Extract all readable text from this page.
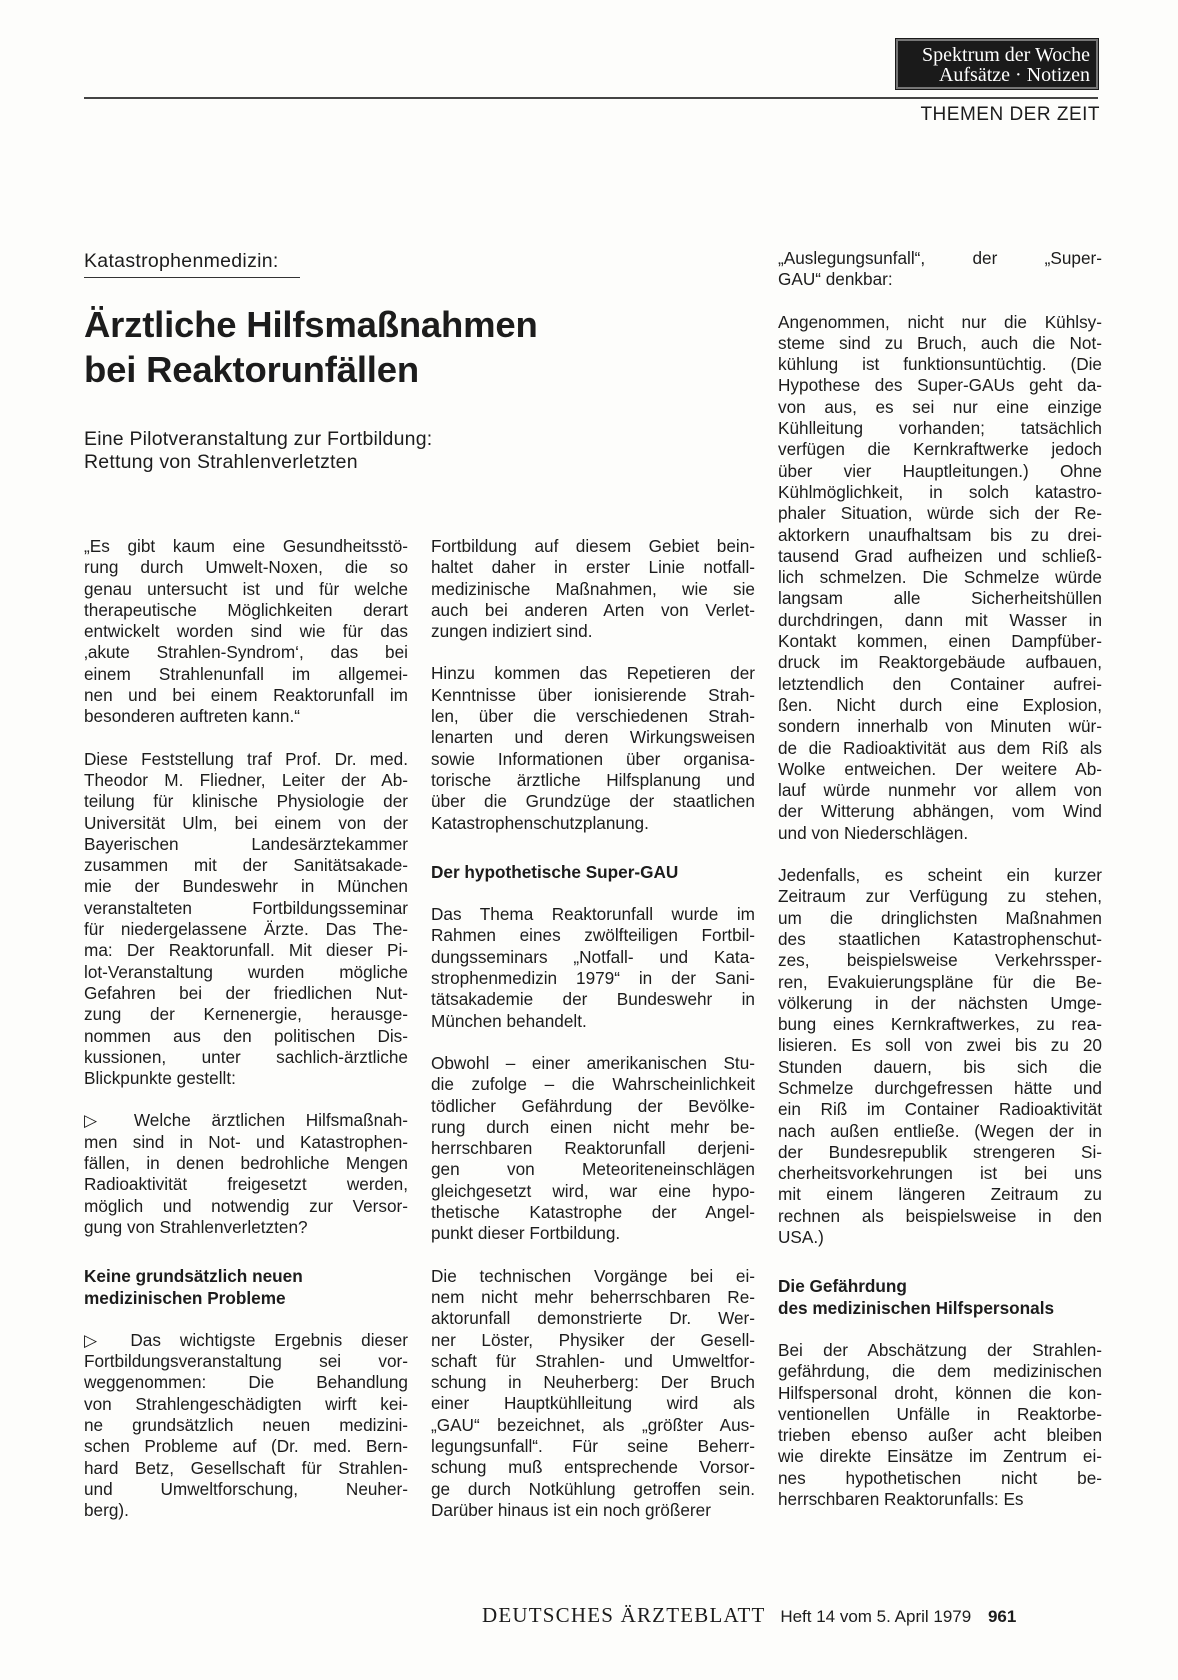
Spektrum der Woche
Aufsätze · Notizen
THEMEN DER ZEIT
Katastrophenmedizin:
Ärztliche Hilfsmaßnahmen
bei Reaktorunfällen
Eine Pilotveranstaltung zur Fortbildung:
Rettung von Strahlenverletzten

„Es gibt kaum eine Gesundheitsstö-
rung durch Umwelt-Noxen, die so
genau untersucht ist und für welche
therapeutische Möglichkeiten derart
entwickelt worden sind wie für das
‚akute Strahlen-Syndrom‘, das bei
einem Strahlenunfall im allgemei-
nen und bei einem Reaktorunfall im
besonderen auftreten kann.“

Diese Feststellung traf Prof. Dr. med.
Theodor M. Fliedner, Leiter der Ab-
teilung für klinische Physiologie der
Universität Ulm, bei einem von der
Bayerischen Landesärztekammer
zusammen mit der Sanitätsakade-
mie der Bundeswehr in München
veranstalteten Fortbildungsseminar
für niedergelassene Ärzte. Das The-
ma: Der Reaktorunfall. Mit dieser Pi-
lot-Veranstaltung wurden mögliche
Gefahren bei der friedlichen Nut-
zung der Kernenergie, herausge-
nommen aus den politischen Dis-
kussionen, unter sachlich-ärztliche
Blickpunkte gestellt:

▷ Welche ärztlichen Hilfsmaßnah-
men sind in Not- und Katastrophen-
fällen, in denen bedrohliche Mengen
Radioaktivität freigesetzt werden,
möglich und notwendig zur Versor-
gung von Strahlenverletzten?

Keine grundsätzlich neuen
medizinischen Probleme

▷ Das wichtigste Ergebnis dieser
Fortbildungsveranstaltung sei vor-
weggenommen: Die Behandlung
von Strahlengeschädigten wirft kei-
ne grundsätzlich neuen medizini-
schen Probleme auf (Dr. med. Bern-
hard Betz, Gesellschaft für Strahlen-
und Umweltforschung, Neuher-
berg).

Fortbildung auf diesem Gebiet bein-
haltet daher in erster Linie notfall-
medizinische Maßnahmen, wie sie
auch bei anderen Arten von Verlet-
zungen indiziert sind.

Hinzu kommen das Repetieren der
Kenntnisse über ionisierende Strah-
len, über die verschiedenen Strah-
lenarten und deren Wirkungsweisen
sowie Informationen über organisa-
torische ärztliche Hilfsplanung und
über die Grundzüge der staatlichen
Katastrophenschutzplanung.

Der hypothetische Super-GAU

Das Thema Reaktorunfall wurde im
Rahmen eines zwölfteiligen Fortbil-
dungsseminars „Notfall- und Kata-
strophenmedizin 1979“ in der Sani-
tätsakademie der Bundeswehr in
München behandelt.

Obwohl – einer amerikanischen Stu-
die zufolge – die Wahrscheinlichkeit
tödlicher Gefährdung der Bevölke-
rung durch einen nicht mehr be-
herrschbaren Reaktorunfall derjeni-
gen von Meteoriteneinschlägen
gleichgesetzt wird, war eine hypo-
thetische Katastrophe der Angel-
punkt dieser Fortbildung.

Die technischen Vorgänge bei ei-
nem nicht mehr beherrschbaren Re-
aktorunfall demonstrierte Dr. Wer-
ner Löster, Physiker der Gesell-
schaft für Strahlen- und Umweltfor-
schung in Neuherberg: Der Bruch
einer Hauptkühlleitung wird als
„GAU“ bezeichnet, als „größter Aus-
legungsunfall“. Für seine Beherr-
schung muß entsprechende Vorsor-
ge durch Notkühlung getroffen sein.
Darüber hinaus ist ein noch größerer

„Auslegungsunfall“, der „Super-
GAU“ denkbar:

Angenommen, nicht nur die Kühlsy-
steme sind zu Bruch, auch die Not-
kühlung ist funktionsuntüchtig. (Die
Hypothese des Super-GAUs geht da-
von aus, es sei nur eine einzige
Kühlleitung vorhanden; tatsächlich
verfügen die Kernkraftwerke jedoch
über vier Hauptleitungen.) Ohne
Kühlmöglichkeit, in solch katastro-
phaler Situation, würde sich der Re-
aktorkern unaufhaltsam bis zu drei-
tausend Grad aufheizen und schließ-
lich schmelzen. Die Schmelze würde
langsam alle Sicherheitshüllen
durchdringen, dann mit Wasser in
Kontakt kommen, einen Dampfüber-
druck im Reaktorgebäude aufbauen,
letztendlich den Container aufrei-
ßen. Nicht durch eine Explosion,
sondern innerhalb von Minuten wür-
de die Radioaktivität aus dem Riß als
Wolke entweichen. Der weitere Ab-
lauf würde nunmehr vor allem von
der Witterung abhängen, vom Wind
und von Niederschlägen.

Jedenfalls, es scheint ein kurzer
Zeitraum zur Verfügung zu stehen,
um die dringlichsten Maßnahmen
des staatlichen Katastrophenschut-
zes, beispielsweise Verkehrssper-
ren, Evakuierungspläne für die Be-
völkerung in der nächsten Umge-
bung eines Kernkraftwerkes, zu rea-
lisieren. Es soll von zwei bis zu 20
Stunden dauern, bis sich die
Schmelze durchgefressen hätte und
ein Riß im Container Radioaktivität
nach außen entließe. (Wegen der in
der Bundesrepublik strengeren Si-
cherheitsvorkehrungen ist bei uns
mit einem längeren Zeitraum zu
rechnen als beispielsweise in den
USA.)

Die Gefährdung
des medizinischen Hilfspersonals

Bei der Abschätzung der Strahlen-
gefährdung, die dem medizinischen
Hilfspersonal droht, können die kon-
ventionellen Unfälle in Reaktorbe-
trieben ebenso außer acht bleiben
wie direkte Einsätze im Zentrum ei-
nes hypothetischen nicht be-
herrschbaren Reaktorunfalls: Es

DEUTSCHES ÄRZTEBLATT Heft 14 vom 5. April 1979 961
